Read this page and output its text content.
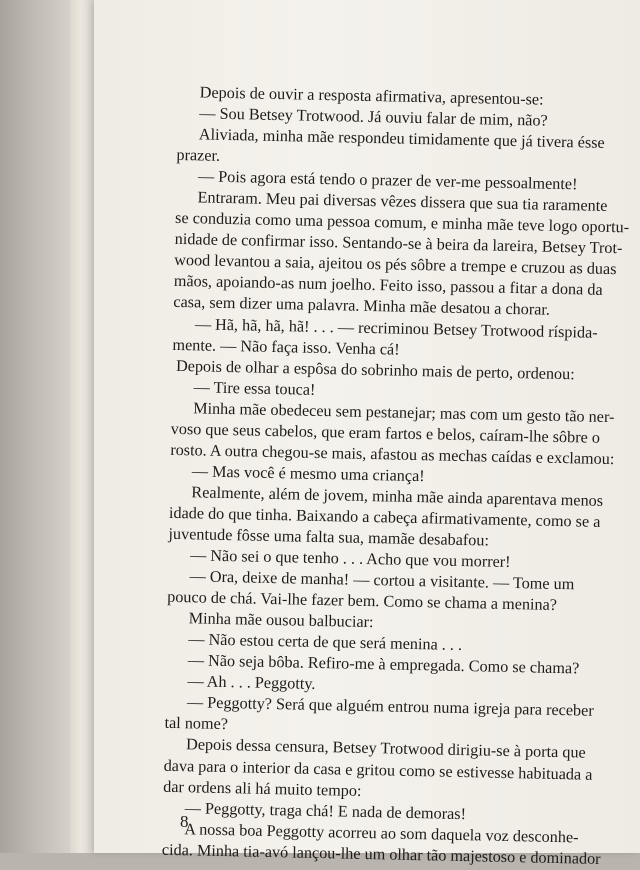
Depois de ouvir a resposta afirmativa, apresentou-se:
— Sou Betsey Trotwood. Já ouviu falar de mim, não?
Aliviada, minha mãe respondeu timidamente que já tivera ésse
prazer.
— Pois agora está tendo o prazer de ver-me pessoalmente!
Entraram. Meu pai diversas vêzes dissera que sua tia raramente
se conduzia como uma pessoa comum, e minha mãe teve logo oportu-
nidade de confirmar isso. Sentando-se à beira da lareira, Betsey Trot-
wood levantou a saia, ajeitou os pés sôbre a trempe e cruzou as duas
mãos, apoiando-as num joelho. Feito isso, passou a fitar a dona da
casa, sem dizer uma palavra. Minha mãe desatou a chorar.
— Hã, hã, hã, hã! . . . — recriminou Betsey Trotwood ríspida-
mente. — Não faça isso. Venha cá!
Depois de olhar a espôsa do sobrinho mais de perto, ordenou:
— Tire essa touca!
Minha mãe obedeceu sem pestanejar; mas com um gesto tão ner-
voso que seus cabelos, que eram fartos e belos, caíram-lhe sôbre o
rosto. A outra chegou-se mais, afastou as mechas caídas e exclamou:
— Mas você é mesmo uma criança!
Realmente, além de jovem, minha mãe ainda aparentava menos
idade do que tinha. Baixando a cabeça afirmativamente, como se a
juventude fôsse uma falta sua, mamãe desabafou:
— Não sei o que tenho . . . Acho que vou morrer!
— Ora, deixe de manha! — cortou a visitante. — Tome um
pouco de chá. Vai-lhe fazer bem. Como se chama a menina?
Minha mãe ousou balbuciar:
— Não estou certa de que será menina . . .
— Não seja bôba. Refiro-me à empregada. Como se chama?
— Ah . . . Peggotty.
— Peggotty? Será que alguém entrou numa igreja para receber
tal nome?
Depois dessa censura, Betsey Trotwood dirigiu-se à porta que
dava para o interior da casa e gritou como se estivesse habituada a
dar ordens ali há muito tempo:
— Peggotty, traga chá! E nada de demoras!
A nossa boa Peggotty acorreu ao som daquela voz desconhe-
cida. Minha tia-avó lançou-lhe um olhar tão majestoso e dominador
8
